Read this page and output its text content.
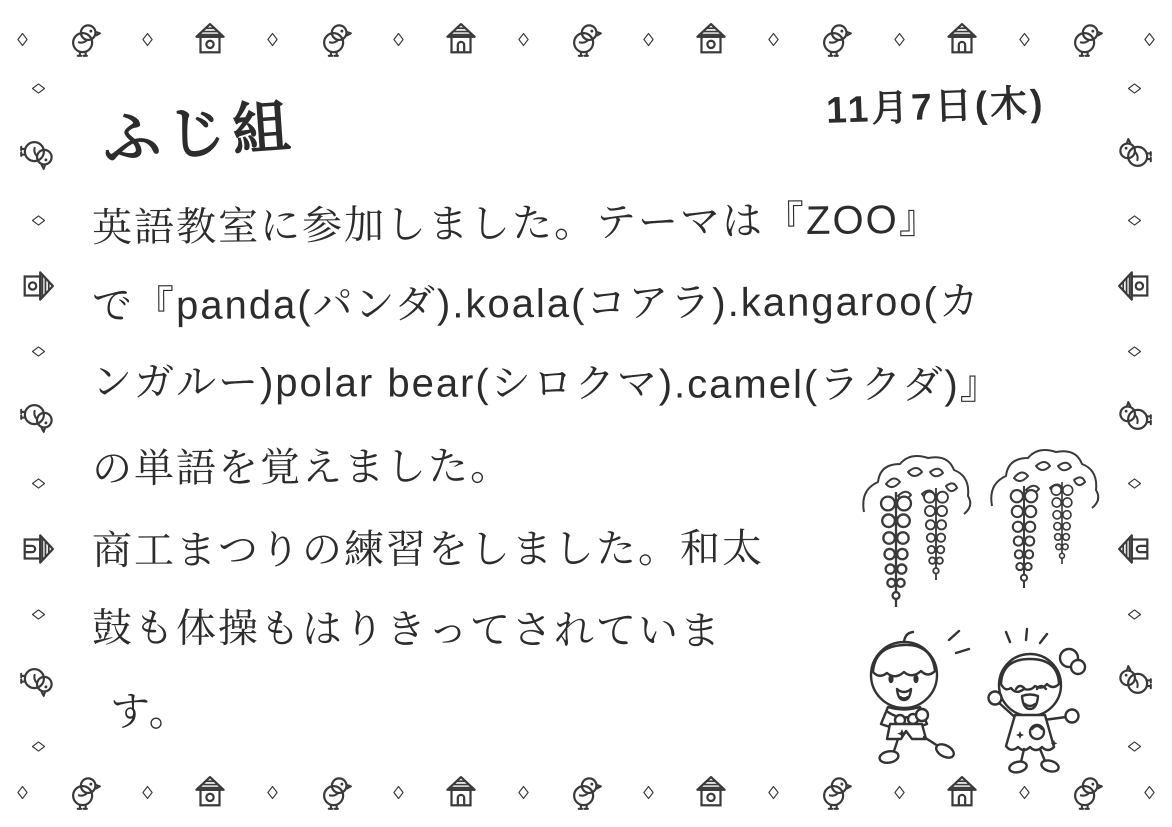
ふじ組	11月7日(木)
英語教室に参加しました。テーマは『ZOO』
で『panda(パンダ).koala(コアラ).kangaroo(カ
ンガルー)polar bear(シロクマ).camel(ラクダ)』
の単語を覚えました。
商工まつりの練習をしました。和太
鼓も体操もはりきってされていま
す。
